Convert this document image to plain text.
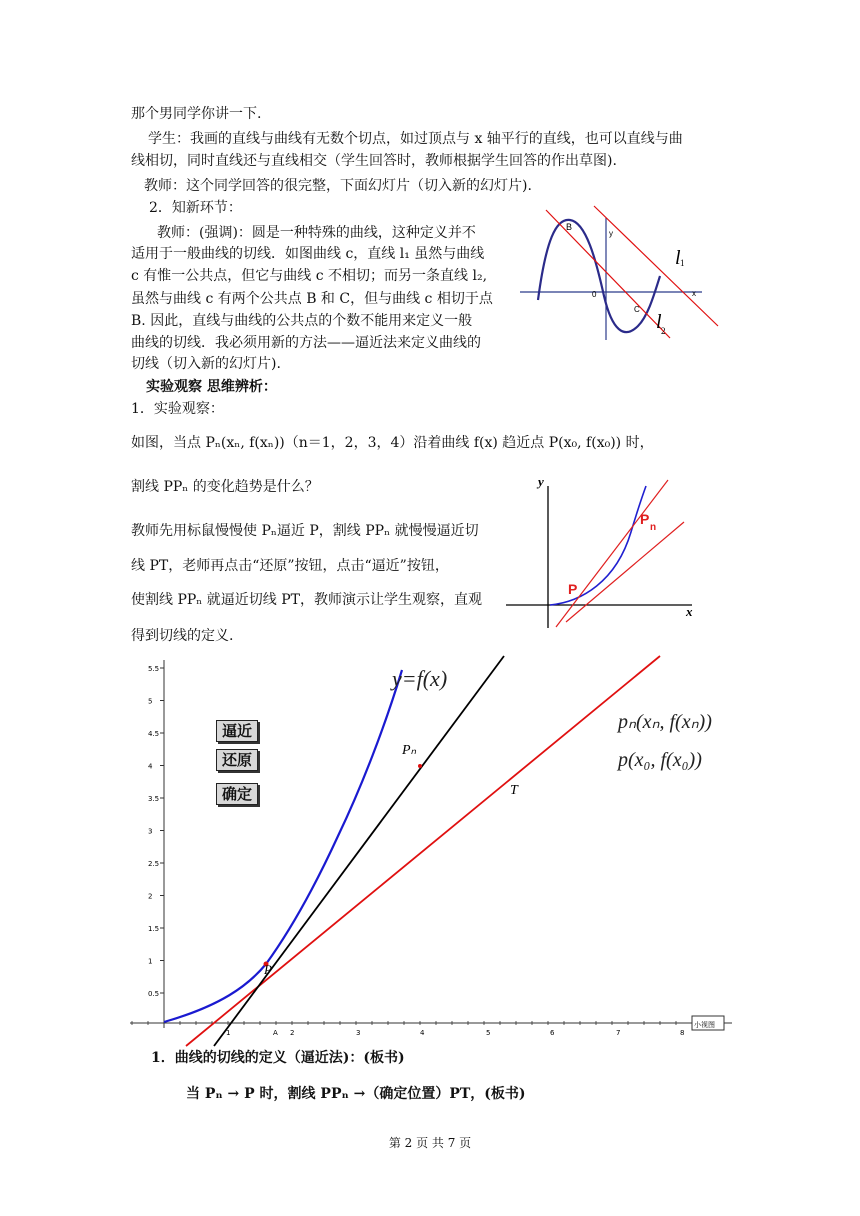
那个男同学你讲一下.
学生：我画的直线与曲线有无数个切点，如过顶点与 x 轴平行的直线，也可以直线与曲
线相切，同时直线还与直线相交（学生回答时，教师根据学生回答的作出草图).
教师：这个同学回答的很完整，下面幻灯片（切入新的幻灯片).
2．知新环节：
教师：(强调)：圆是一种特殊的曲线，这种定义并不
适用于一般曲线的切线．如图曲线 c，直线 l₁ 虽然与曲线
c 有惟一公共点，但它与曲线 c 不相切；而另一条直线 l₂,
虽然与曲线 c 有两个公共点 B 和 C，但与曲线 c 相切于点
B. 因此，直线与曲线的公共点的个数不能用来定义一般
曲线的切线．我必须用新的方法——逼近法来定义曲线的
切线（切入新的幻灯片).
实验观察 思维辨析：
1．实验观察：
如图，当点 Pₙ(xₙ, f(xₙ))（n＝1，2，3，4）沿着曲线 f(x) 趋近点 P(x₀, f(x₀)) 时，
割线 PPₙ 的变化趋势是什么？
教师先用标鼠慢慢使 Pₙ逼近 P，割线 PPₙ 就慢慢逼近切
线 PT，老师再点击“还原”按钮，点击“逼近”按钮，
使割线 PPₙ 就逼近切线 PT，教师演示让学生观察，直观
得到切线的定义.
1．曲线的切线的定义（逼近法)：(板书)
当 Pₙ → P 时，割线 PPₙ →（确定位置）PT，(板书)
B
y
l 1
0	x
C
l 2
y
P
n
P
x
5.5
5
4.5
4
3.5
3
2.5
2
1.5
1
0.5
1	A 2	3	4	5	6	7	8
y=f(x)
pₙ(xₙ, f(xₙ))
p(x₀, f(x₀))
Pₙ
P
T
小视图
逼近
还原
确定
第 2 页 共 7 页
